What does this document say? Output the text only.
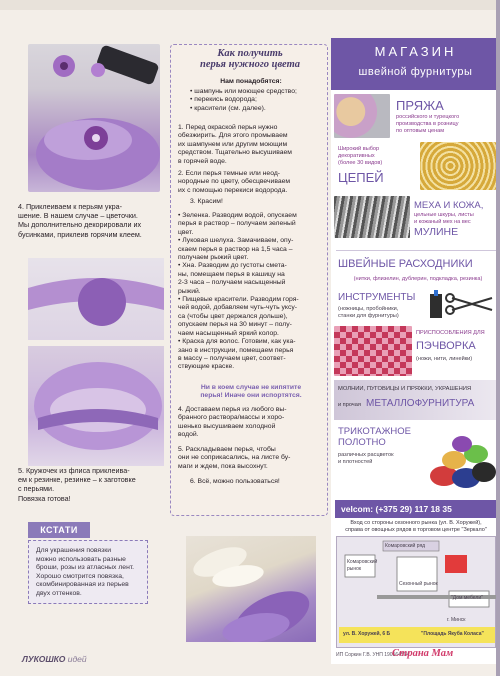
4. Приклеиваем к перьям укра-
шение. В нашем случае – цветочки.
Мы дополнительно декорировали их
бусинками, приклеив горячим клеем.
5. Кружочек из флиса приклеива-
ем к резинке, резинке – к заготовке
с перьями.
Повязка готова!
КСТАТИ
Для украшения повязки
можно использовать разные
броши, розы из атласных лент.
Хорошо смотрится повязка,
скомбинированная из перьев
двух оттенков.
ЛУКОШКО идей
Как получить
перья нужного цвета
Нам понадобятся:
• шампунь или моющее средство;
• перекись водорода;
• красители (см. далее).
1. Перед окраской перья нужно
обезжирить. Для этого промываем
их шампунем или другим моющим
средством. Тщательно высушиваем
в горячей воде.
2. Если перья темные или неод-
нородные по цвету, обесцвечиваем
их с помощью перекиси водорода.
3. Красим!
• Зеленка. Разводим водой, опускаем
перья в раствор – получаем зеленый
цвет.
• Луковая шелуха. Замачиваем, опу-
скаем перья в раствор на 1,5 часа –
получаем рыжий цвет.
• Хна. Разводим до густоты смета-
ны, помещаем перья в кашицу на
2-3 часа – получаем насыщенный
рыжий.
• Пищевые красители. Разводим горя-
чей водой, добавляем чуть-чуть уксу-
са (чтобы цвет держался дольше),
опускаем перья на 30 минут – полу-
чаем насыщенный яркий колор.
• Краска для волос. Готовим, как ука-
зано в инструкции, помещаем перья
в массу – получаем цвет, соответ-
ствующие краске.
Ни в коем случае не кипятите
перья! Иначе они испортятся.
4. Доставаем перья из любого вы-
бранного раствора/массы и хоро-
шенько высушиваем холодной
водой.
5. Раскладываем перья, чтобы
они не соприкасались, на листе бу-
маги и ждем, пока высохнут.
6. Всё, можно пользоваться!
МАГАЗИН
швейной фурнитуры
ПРЯЖА
российского и турецкого
производства в розницу
по оптовым ценам
Широкий выбор
декоративных
(более 30 видов)
ЦЕПЕЙ
МЕХА И КОЖА,
цельные шкуры, листы
и кожаный мех на вес
МУЛИНЕ
ШВЕЙНЫЕ РАСХОДНИКИ
(нитки, флизелин, дублерин, подкладка, резинка)
ИНСТРУМЕНТЫ
(ножницы, пробойники,
станки для фурнитуры)
ПРИСПОСОБЛЕНИЯ ДЛЯ
ПЭЧВОРКА
(ножи, нити, линейки)
МОЛНИИ, ПУГОВИЦЫ И ПРЯЖКИ, УКРАШЕНИЯ
и прочая МЕТАЛЛОФУРНИТУРА
ТРИКОТАЖНОЕ
ПОЛОТНО
различных расцветок
и плотностей
velcom: (+375 29) 117 18 35
Вход со стороны сезонного рынка (ул. В. Хоружей),
справа от овощных рядов в торговом центре "Зеркало"
Комаровский рынок
Комаровский ряд
Сезонный рынок
"Дом мебели"
г. Минск
ул. В. Хоружей, 6 Б	"Площадь Якуба Коласа"
ИП Соркин Г.В. УНП 190564504
Страна Мам
